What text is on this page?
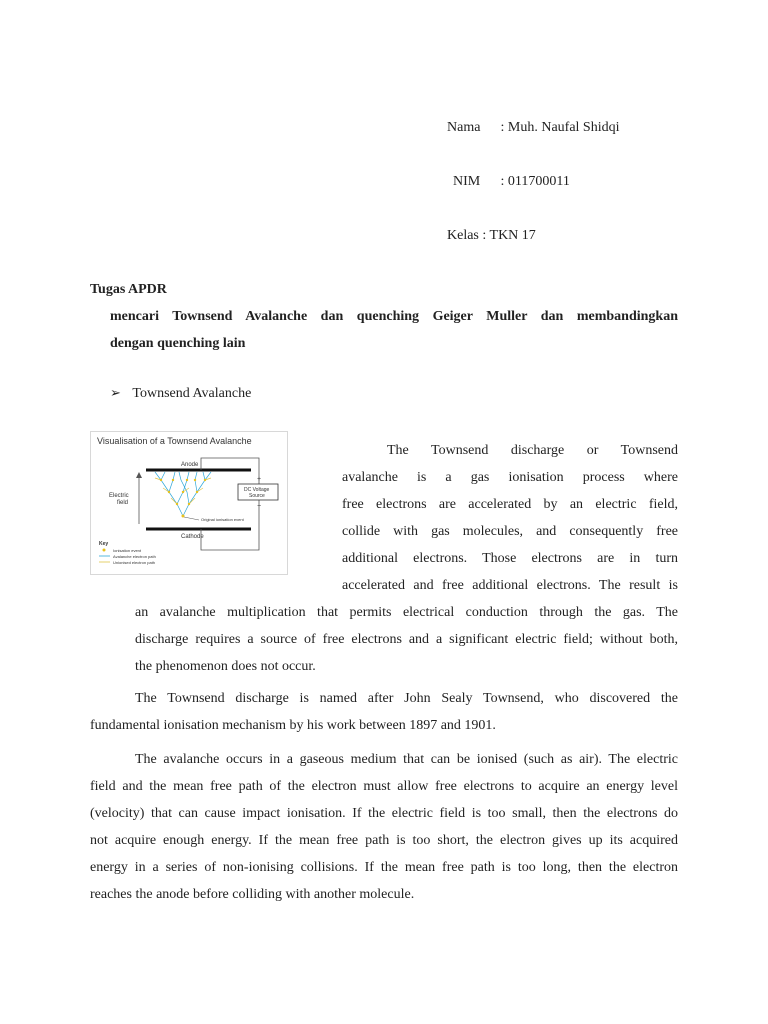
Nama : Muh. Naufal Shidqi
NIM : 011700011
Kelas : TKN 17
Tugas APDR
mencari Townsend Avalanche dan quenching Geiger Muller dan membandingkan
dengan quenching lain
➢ Townsend Avalanche
Visualisation of a Townsend Avalanche
Anode
Cathode
DC Voltage
Source
+
−
Electric
field
Original ionisation event
Key
Ionisation event
Avalanche electron path
Unionised electron path
The Townsend discharge or Townsend
avalanche is a gas ionisation process where
free electrons are accelerated by an electric field,
collide with gas molecules, and consequently free
additional electrons. Those electrons are in turn
accelerated and free additional electrons. The result is
an avalanche multiplication that permits electrical conduction through the gas. The
discharge requires a source of free electrons and a significant electric field; without both,
the phenomenon does not occur.
The Townsend discharge is named after John Sealy Townsend, who discovered the
fundamental ionisation mechanism by his work between 1897 and 1901.
The avalanche occurs in a gaseous medium that can be ionised (such as air). The electric
field and the mean free path of the electron must allow free electrons to acquire an energy level
(velocity) that can cause impact ionisation. If the electric field is too small, then the electrons do
not acquire enough energy. If the mean free path is too short, the electron gives up its acquired
energy in a series of non-ionising collisions. If the mean free path is too long, then the electron
reaches the anode before colliding with another molecule.
